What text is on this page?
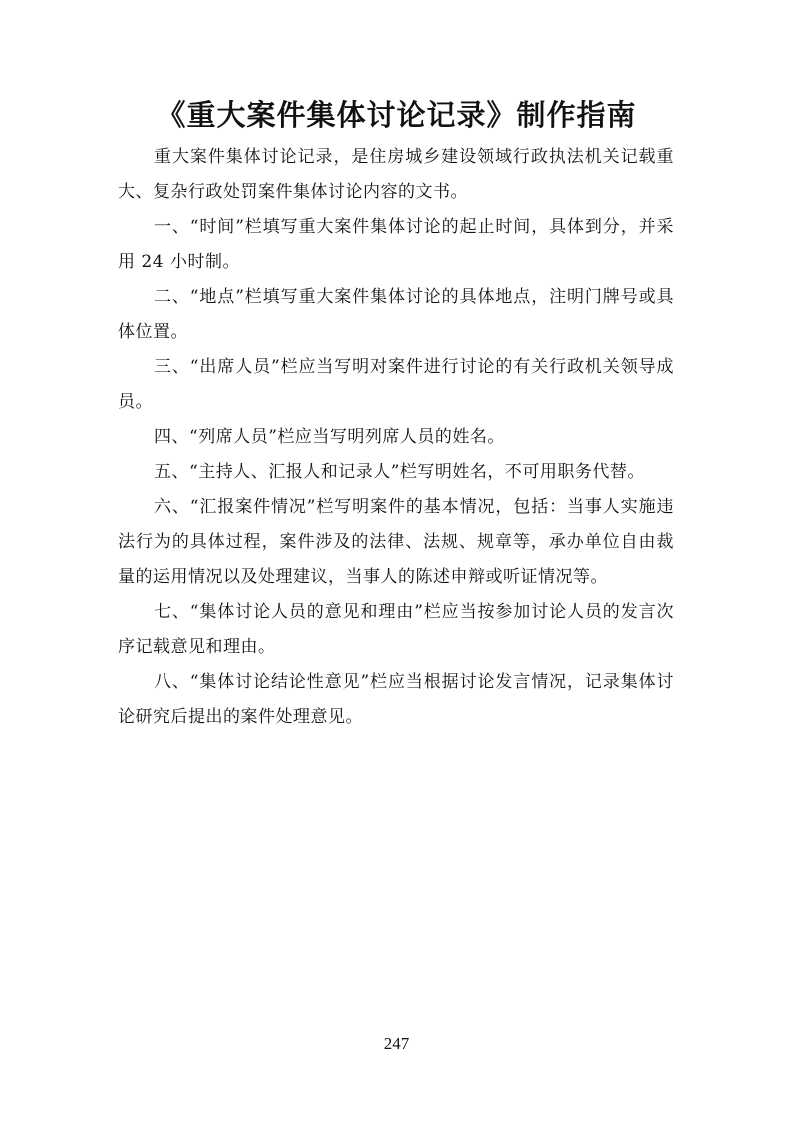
《重大案件集体讨论记录》制作指南

重大案件集体讨论记录，是住房城乡建设领域行政执法机关记载重大、复杂行政处罚案件集体讨论内容的文书。

一、“时间”栏填写重大案件集体讨论的起止时间，具体到分，并采用 24 小时制。

二、“地点”栏填写重大案件集体讨论的具体地点，注明门牌号或具体位置。

三、“出席人员”栏应当写明对案件进行讨论的有关行政机关领导成员。

四、“列席人员”栏应当写明列席人员的姓名。

五、“主持人、汇报人和记录人”栏写明姓名，不可用职务代替。

六、“汇报案件情况”栏写明案件的基本情况，包括：当事人实施违法行为的具体过程，案件涉及的法律、法规、规章等，承办单位自由裁量的运用情况以及处理建议，当事人的陈述申辩或听证情况等。

七、“集体讨论人员的意见和理由”栏应当按参加讨论人员的发言次序记载意见和理由。

八、“集体讨论结论性意见”栏应当根据讨论发言情况，记录集体讨论研究后提出的案件处理意见。

247
